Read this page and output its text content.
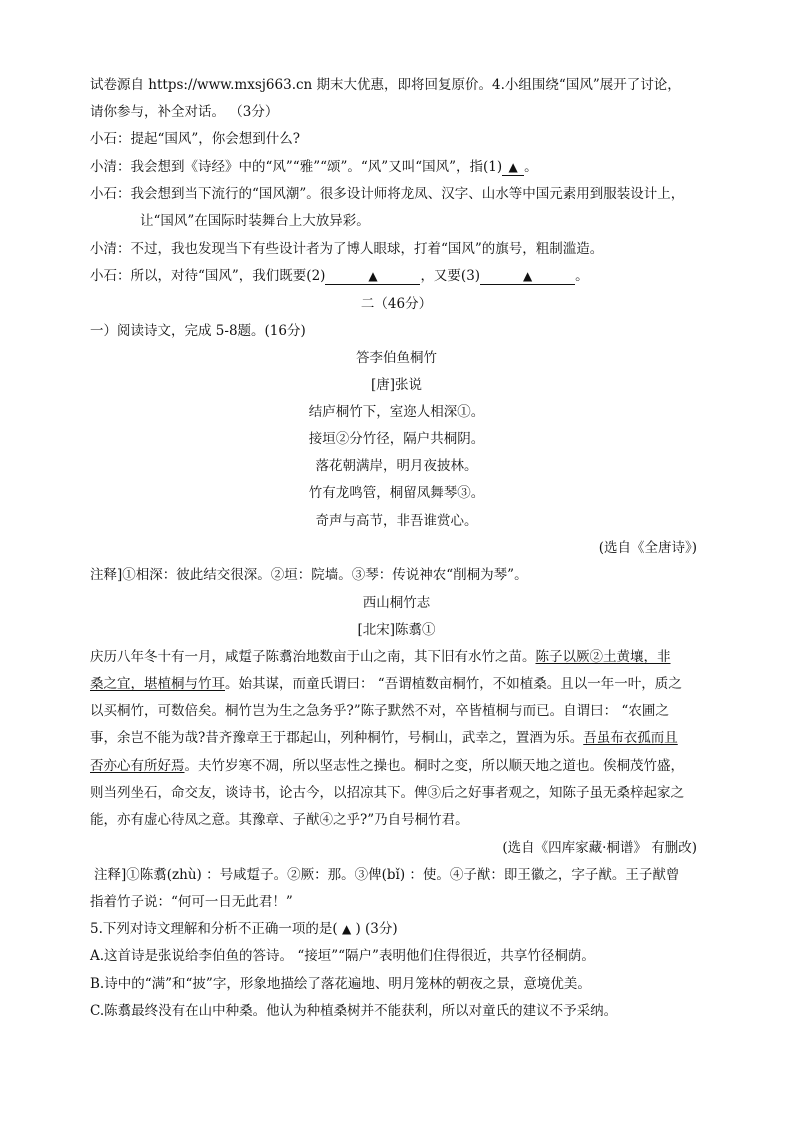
试卷源自 https://www.mxsj663.cn 期末大优惠，即将回复原价。4.小组围绕“国风”展开了讨论，
请你参与，补全对话。 （3分）
小石：提起“国风”，你会想到什么?
小清：我会想到《诗经》中的“风”“雅”“颂”。“风”又叫“国风”，指(1) ▲ 。
小石：我会想到当下流行的“国风潮”。很多设计师将龙凤、汉字、山水等中国元素用到服装设计上，
让“国风”在国际时装舞台上大放异彩。
小清：不过，我也发现当下有些设计者为了博人眼球，打着“国风”的旗号，粗制滥造。
小石：所以，对待“国风”，我们既要(2)	▲	，又要(3)	▲	。
二（46分）
一）阅读诗文，完成 5-8题。(16分)
答李伯鱼桐竹
[唐]张说
结庐桐竹下，室迩人相深①。
接垣②分竹径，隔户共桐阴。
落花朝满岸，明月夜披林。
竹有龙鸣管，桐留凤舞琴③。
奇声与高节，非吾谁赏心。
(选自《全唐诗》)
注释]①相深：彼此结交很深。②垣：院墙。③琴：传说神农“削桐为琴”。
西山桐竹志
[北宋]陈翥①
庆历八年冬十有一月，咸踅子陈翥治地数亩于山之南，其下旧有水竹之苗。陈子以厥②土黄壤，非
桑之宜，堪植桐与竹耳。始其谋，而童氏谓曰： “吾谓植数亩桐竹，不如植桑。且以一年一叶，质之
以买桐竹，可数倍矣。桐竹岂为生之急务乎?”陈子默然不对，卒皆植桐与而已。自谓曰： “农圃之
事，余岂不能为哉?昔齐豫章王于郡起山，列种桐竹，号桐山，武幸之，置酒为乐。吾虽布衣孤而且
否亦心有所好焉。夫竹岁寒不凋，所以坚志性之操也。桐时之变，所以顺天地之道也。俟桐茂竹盛，
则当列坐石，命交友，谈诗书，论古今，以招凉其下。俾③后之好事者观之，知陈子虽无桑梓起家之
能，亦有虚心待凤之意。其豫章、子猷④之乎?”乃自号桐竹君。
(选自《四库家藏·桐谱》 有删改)
注释]①陈翥(zhù) ：号咸踅子。②厥：那。③俾(bǐ) ：使。④子猷：即王徽之，字子猷。王子猷曾
指着竹子说：“何可一日无此君！”
5.下列对诗文理解和分析不正确一项的是( ▲ ) (3分)
A.这首诗是张说给李伯鱼的答诗。 “接垣”“隔户”表明他们住得很近，共享竹径桐荫。
B.诗中的“满”和“披”字，形象地描绘了落花遍地、明月笼林的朝夜之景，意境优美。
C.陈翥最终没有在山中种桑。他认为种植桑树并不能获利，所以对童氏的建议不予采纳。
